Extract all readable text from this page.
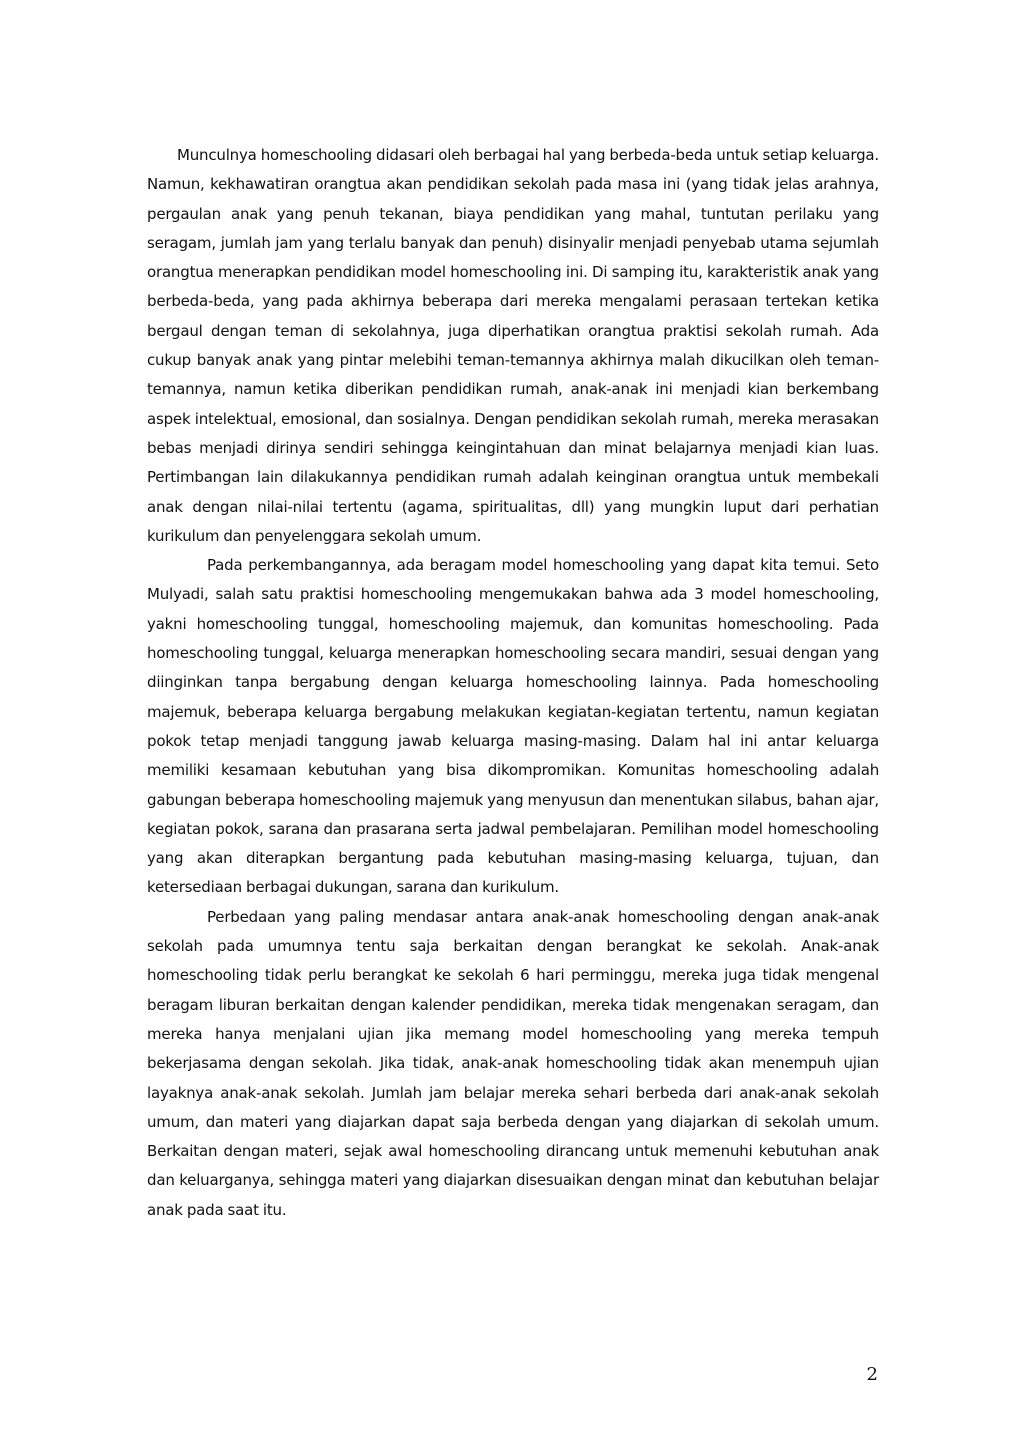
Munculnya homeschooling didasari oleh berbagai hal yang berbeda-beda untuk setiap keluarga. Namun, kekhawatiran orangtua akan pendidikan sekolah pada masa ini (yang tidak jelas arahnya, pergaulan anak yang penuh tekanan, biaya pendidikan yang mahal, tuntutan perilaku yang seragam, jumlah jam yang terlalu banyak dan penuh) disinyalir menjadi penyebab utama sejumlah orangtua menerapkan pendidikan model homeschooling ini. Di samping itu, karakteristik anak yang berbeda-beda, yang pada akhirnya beberapa dari mereka mengalami perasaan tertekan ketika bergaul dengan teman di sekolahnya, juga diperhatikan orangtua praktisi sekolah rumah. Ada cukup banyak anak yang pintar melebihi teman-temannya akhirnya malah dikucilkan oleh teman-temannya, namun ketika diberikan pendidikan rumah, anak-anak ini menjadi kian berkembang aspek intelektual, emosional, dan sosialnya. Dengan pendidikan sekolah rumah, mereka merasakan bebas menjadi dirinya sendiri sehingga keingintahuan dan minat belajarnya menjadi kian luas. Pertimbangan lain dilakukannya pendidikan rumah adalah keinginan orangtua untuk membekali anak dengan nilai-nilai tertentu (agama, spiritualitas, dll) yang mungkin luput dari perhatian kurikulum dan penyelenggara sekolah umum.

Pada perkembangannya, ada beragam model homeschooling yang dapat kita temui. Seto Mulyadi, salah satu praktisi homeschooling mengemukakan bahwa ada 3 model homeschooling, yakni homeschooling tunggal, homeschooling majemuk, dan komunitas homeschooling. Pada homeschooling tunggal, keluarga menerapkan homeschooling secara mandiri, sesuai dengan yang diinginkan tanpa bergabung dengan keluarga homeschooling lainnya. Pada homeschooling majemuk, beberapa keluarga bergabung melakukan kegiatan-kegiatan tertentu, namun kegiatan pokok tetap menjadi tanggung jawab keluarga masing-masing. Dalam hal ini antar keluarga memiliki kesamaan kebutuhan yang bisa dikompromikan. Komunitas homeschooling adalah gabungan beberapa homeschooling majemuk yang menyusun dan menentukan silabus, bahan ajar, kegiatan pokok, sarana dan prasarana serta jadwal pembelajaran. Pemilihan model homeschooling yang akan diterapkan bergantung pada kebutuhan masing-masing keluarga, tujuan, dan ketersediaan berbagai dukungan, sarana dan kurikulum.

Perbedaan yang paling mendasar antara anak-anak homeschooling dengan anak-anak sekolah pada umumnya tentu saja berkaitan dengan berangkat ke sekolah. Anak-anak homeschooling tidak perlu berangkat ke sekolah 6 hari perminggu, mereka juga tidak mengenal beragam liburan berkaitan dengan kalender pendidikan, mereka tidak mengenakan seragam, dan mereka hanya menjalani ujian jika memang model homeschooling yang mereka tempuh bekerjasama dengan sekolah. Jika tidak, anak-anak homeschooling tidak akan menempuh ujian layaknya anak-anak sekolah. Jumlah jam belajar mereka sehari berbeda dari anak-anak sekolah umum, dan materi yang diajarkan dapat saja berbeda dengan yang diajarkan di sekolah umum. Berkaitan dengan materi, sejak awal homeschooling dirancang untuk memenuhi kebutuhan anak dan keluarganya, sehingga materi yang diajarkan disesuaikan dengan minat dan kebutuhan belajar anak pada saat itu.

2
